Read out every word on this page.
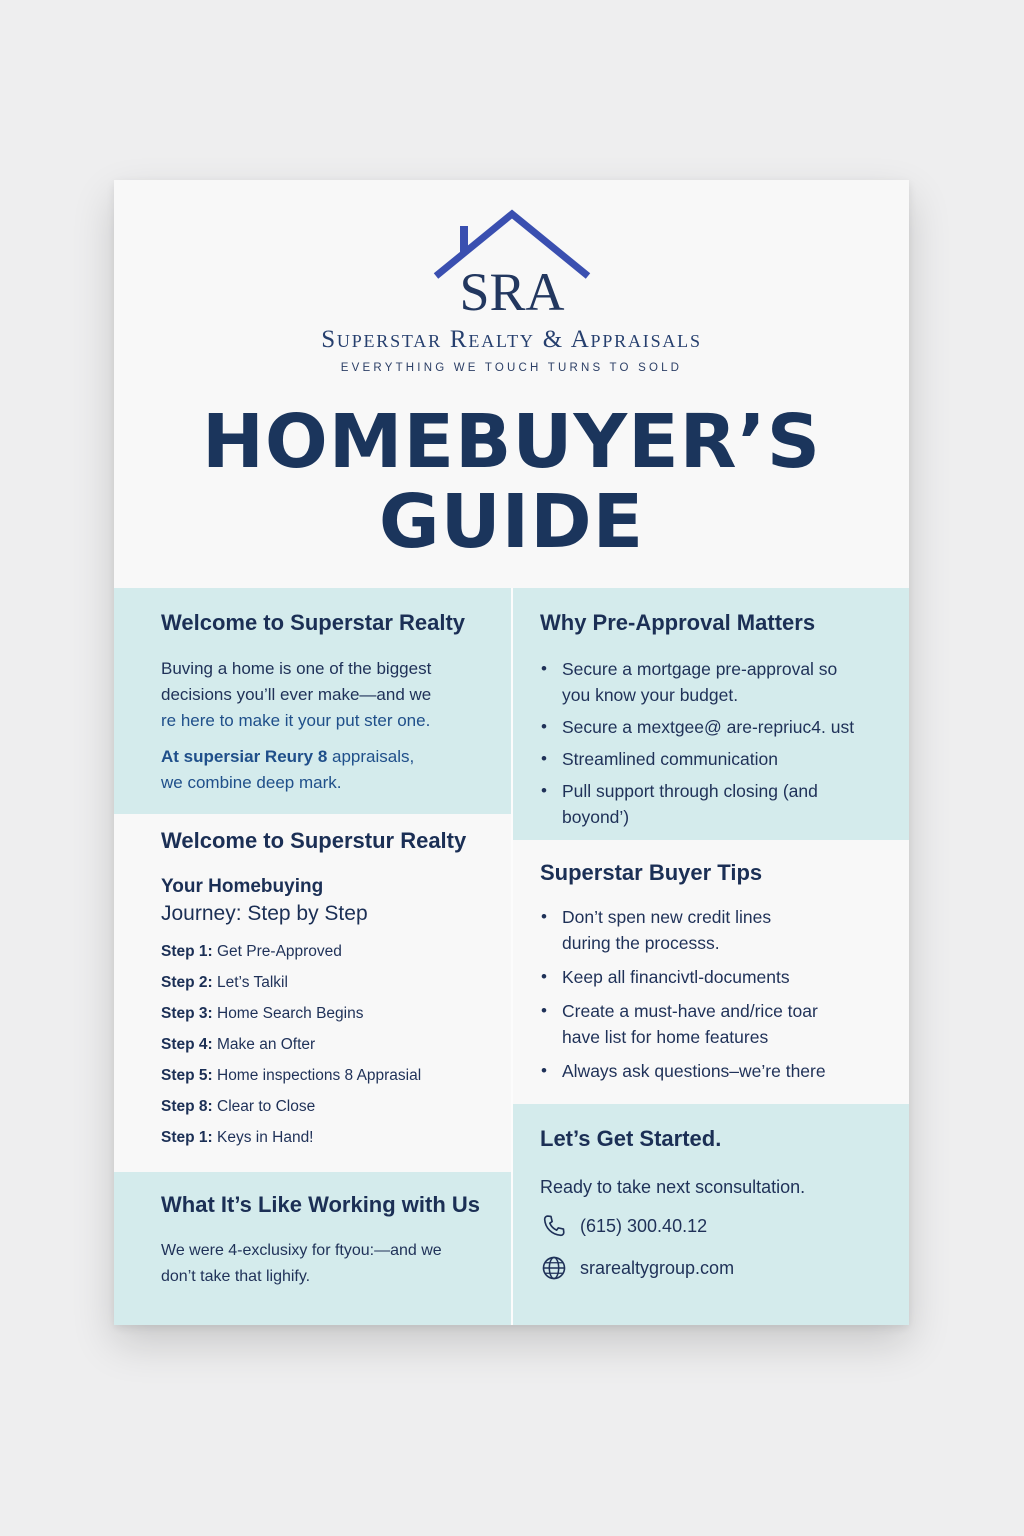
SRA
Superstar Realty & Appraisals
EVERYTHING WE TOUCH TURNS TO SOLD
HOMEBUYER’S
GUIDE
Welcome to Superstar Realty

Buving a home is one of the biggest

decisions you’ll ever make—and we

re here to make it your put ster one.

At supersiar Reury 8 appraisals,

we combine deep mark.

Welcome to Superstur Realty

Your Homebuying

Journey: Step by Step

Step 1: Get Pre-Approved
Step 2: Let’s Talkil
Step 3: Home Search Begins
Step 4: Make an Ofter
Step 5: Home inspections 8 Apprasial
Step 8: Clear to Close
Step 1: Keys in Hand!
What It’s Like Working with Us

We were 4-exclusixy for ftyou:—and we

don’t take that lighify.

Why Pre-Approval Matters
• Secure a mortgage pre-approval so
you know your budget.
• Secure a mextgee@ are-repriuc4. ust
• Streamlined communication
• Pull support through closing (and
boyond’)
Superstar Buyer Tips
• Don’t spen new credit lines
during the processs.
• Keep all financivtl-documents
• Create a must-have and/rice toar
have list for home features
• Always ask questions–we’re there
Let’s Get Started.

Ready to take next sconsultation.

(615) 300.40.12
srarealtygroup.com
